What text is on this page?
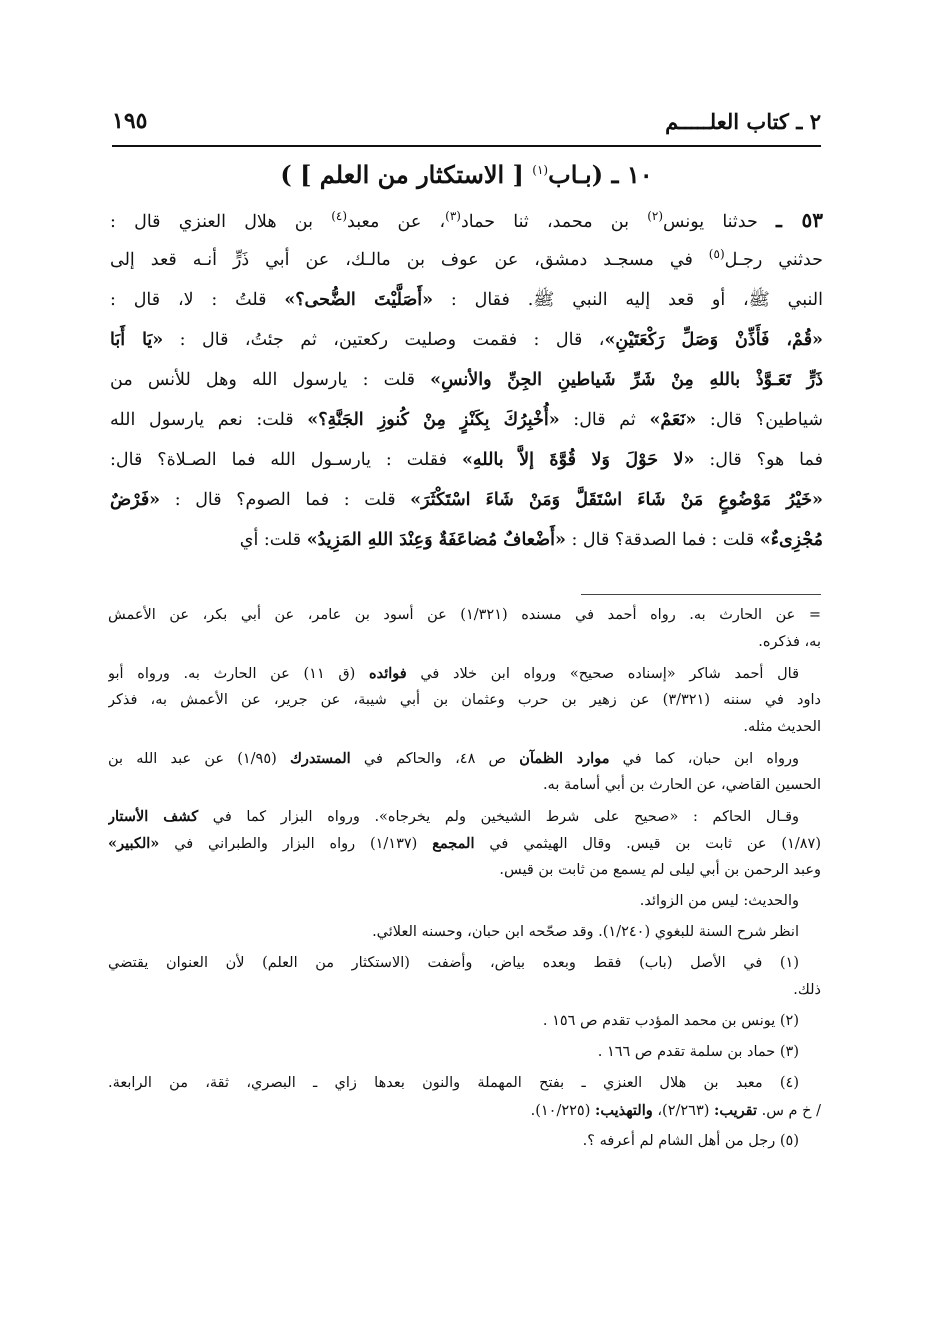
٢ ـ كتاب العلـــــم
١٩٥
١٠ ـ (بـاب$^{(١)}$ [ الاستكثار من العلم ] )
٥٣ ـ حدثنا يونس$^{(٢)}$ بن محمد، ثنا حماد$^{(٣)}$، عن معبد$^{(٤)}$ بن هلال العنزي قال :
حدثني رجـل$^{(٥)}$ في مسجـد دمشق، عن عوف بن مالـك، عن أبي ذَرٍّ أنـه قعد إلى
النبي ﷺ، أو قعد إليه النبي ﷺ. فقال : «أَصَلَّيْتَ الضُّحى؟» قلتُ : لا، قال :
«قُمْ، فَأَذِّنْ وَصَلِّ رَكْعَتَيْنِ»، قال : فقمت وصليت ركعتين، ثم جئتُ، قال : «يَا أَبَا
ذَرٍّ تَعَـوَّذْ باللهِ مِنْ شَرِّ شَياطينِ الجِنِّ والأنسِ» قلت : يارسول الله وهل للأنس من
شياطين؟ قال: «نَعَمْ» ثم قال: «أُخْبِرُكَ بِكَنْزٍ مِنْ كُنوزِ الجَنَّةِ؟» قلت: نعم يارسول الله
فما هو؟ قال: «لا حَوْلَ وَلا قُوَّةَ إلاَّ باللهِ» فقلت : يارسـول الله فما الصـلاة؟ قال:
«خَيْرُ مَوْضُوعٍ مَنْ شَاءَ اسْتَقَلَّ وَمَنْ شَاءَ اسْتَكْثَرَ» قلت : فما الصوم؟ قال : «فَرْضٌ
مُجْزِىءٌ» قلت : فما الصدقة؟ قال : «أَضْعافٌ مُضاعَفَةٌ وَعِنْدَ اللهِ المَزِيدُ» قلت: أي
= عن الحارث به. رواه أحمد في مسنده (١/٣٢١) عن أسود بن عامر، عن أبي بكر، عن الأعمش
به، فذكره.
قال أحمد شاكر «إسناده صحيح» ورواه ابن خلاد في فوائده (ق ١١) عن الحارث به. ورواه أبو
داود في سننه (٣/٣٢١) عن زهير بن حرب وعثمان بن أبي شيبة، عن جرير، عن الأعمش به، فذكر
الحديث مثله.
ورواه ابن حبان، كما في موارد الظمآن ص ٤٨، والحاكم في المستدرك (١/٩٥) عن عبد الله بن
الحسين القاضي، عن الحارث بن أبي أسامة به.
وقـال الحاكم : «صحيح على شرط الشيخين ولم يخرجاه». ورواه البزار كما في كشف الأستار
(١/٨٧) عن ثابت بن قيس. وقال الهيثمي في المجمع (١/١٣٧) رواه البزار والطبراني في «الكبير»
وعبد الرحمن بن أبي ليلى لم يسمع من ثابت بن قيس.
والحديث: ليس من الزوائد.
انظر شرح السنة للبغوي (١/٢٤٠). وقد صحّحه ابن حبان، وحسنه العلائي.
(١) في الأصل (باب) فقط وبعده بياض، وأضفت (الاستكثار من العلم) لأن العنوان يقتضي
ذلك.
(٢) يونس بن محمد المؤدب تقدم ص ١٥٦ .
(٣) حماد بن سلمة تقدم ص ١٦٦ .
(٤) معبد بن هلال العنزي ـ بفتح المهملة والنون بعدها زاي ـ البصري، ثقة، من الرابعة.
/ خ م س. تقريب: (٢/٢٦٣)، والتهذيب: (١٠/٢٢٥).
(٥) رجل من أهل الشام لم أعرفه ؟.
